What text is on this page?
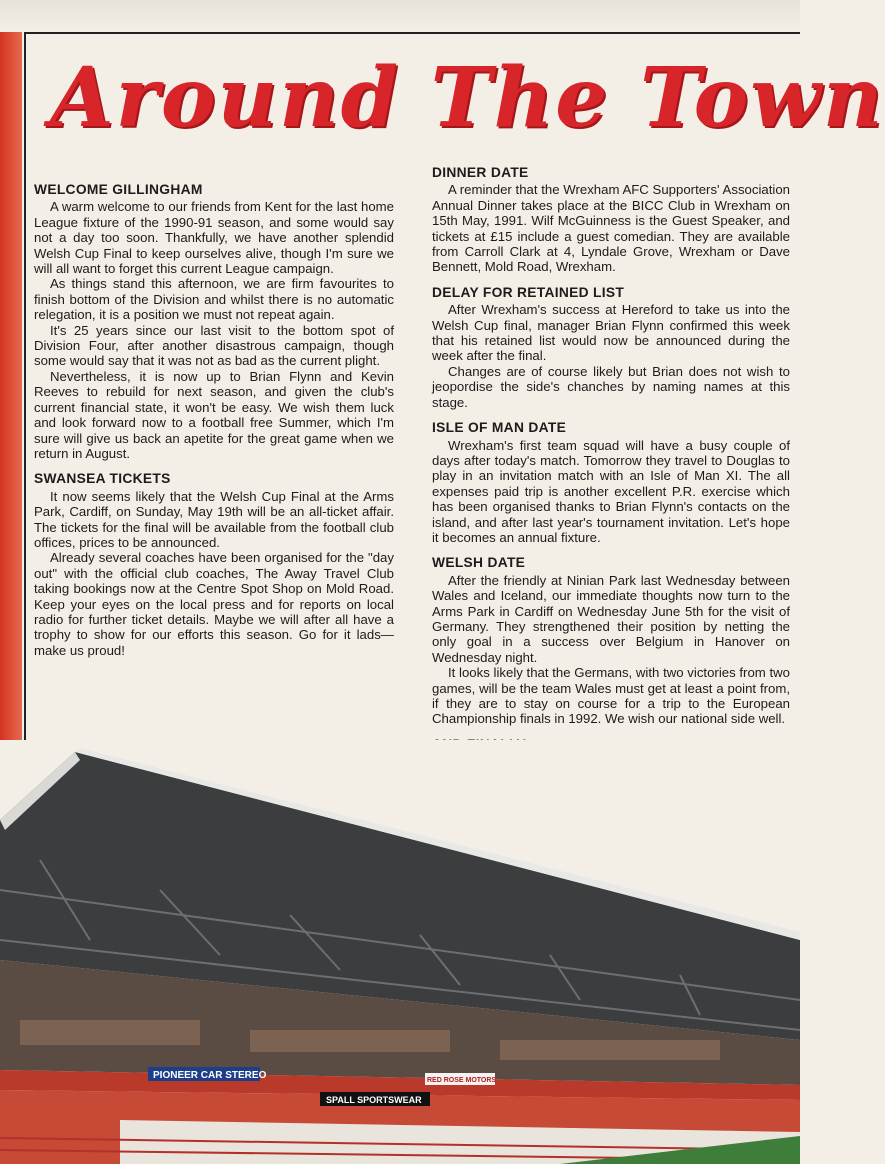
Around The Town
WELCOME GILLINGHAM

A warm welcome to our friends from Kent for the last home League fixture of the 1990-91 season, and some would say not a day too soon. Thankfully, we have another splendid Welsh Cup Final to keep ourselves alive, though I'm sure we will all want to forget this current League campaign.

As things stand this afternoon, we are firm favourites to finish bottom of the Division and whilst there is no automatic relegation, it is a position we must not repeat again.

It's 25 years since our last visit to the bottom spot of Division Four, after another disastrous campaign, though some would say that it was not as bad as the current plight.

Nevertheless, it is now up to Brian Flynn and Kevin Reeves to rebuild for next season, and given the club's current financial state, it won't be easy. We wish them luck and look forward now to a football free Summer, which I'm sure will give us back an apetite for the great game when we return in August.

SWANSEA TICKETS

It now seems likely that the Welsh Cup Final at the Arms Park, Cardiff, on Sunday, May 19th will be an all-ticket affair. The tickets for the final will be available from the football club offices, prices to be announced.

Already several coaches have been organised for the "day out" with the official club coaches, The Away Travel Club taking bookings now at the Centre Spot Shop on Mold Road. Keep your eyes on the local press and for reports on local radio for further ticket details. Maybe we will after all have a trophy to show for our efforts this season. Go for it lads—make us proud!

DINNER DATE

A reminder that the Wrexham AFC Supporters' Association Annual Dinner takes place at the BICC Club in Wrexham on 15th May, 1991. Wilf McGuinness is the Guest Speaker, and tickets at £15 include a guest comedian. They are available from Carroll Clark at 4, Lyndale Grove, Wrexham or Dave Bennett, Mold Road, Wrexham.

DELAY FOR RETAINED LIST

After Wrexham's success at Hereford to take us into the Welsh Cup final, manager Brian Flynn confirmed this week that his retained list would now be announced during the week after the final.

Changes are of course likely but Brian does not wish to jeopordise the side's chanches by naming names at this stage.

ISLE OF MAN DATE

Wrexham's first team squad will have a busy couple of days after today's match. Tomorrow they travel to Douglas to play in an invitation match with an Isle of Man XI. The all expenses paid trip is another excellent P.R. exercise which has been organised thanks to Brian Flynn's contacts on the island, and after last year's tournament invitation. Let's hope it becomes an annual fixture.

WELSH DATE

After the friendly at Ninian Park last Wednesday between Wales and Iceland, our immediate thoughts now turn to the Arms Park in Cardiff on Wednesday June 5th for the visit of Germany. They strengthened their position by netting the only goal in a success over Belgium in Hanover on Wednesday night.

It looks likely that the Germans, with two victories from two games, will be the team Wales must get at least a point from, if they are to stay on course for a trip to the European Championship finals in 1992. We wish our national side well.

PIONEER CAR STEREO	RED ROSE MOTORS
SPALL SPORTSWEAR
